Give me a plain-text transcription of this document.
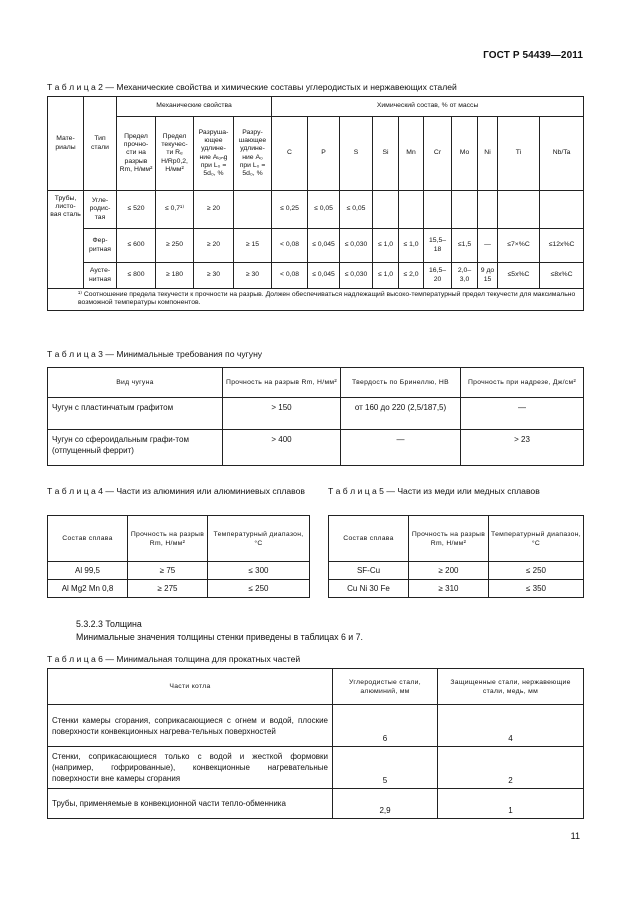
ГОСТ Р 54439—2011
Т а б л и ц а 2 — Механические свойства и химические составы углеродистых и нержавеющих сталей
Мате-риалы	Тип стали	Механические свойства				Химический состав, % от массы									
		Предел прочно-сти на разрыв Rm, Н/мм²	Предел текучес-ти Rₑ H/Rp0,2, Н/мм²	Разруша-ющее удлине-ние Aₗₒₙg при L₀ = 5d₀, %	Разру-шающее удлине-ние A₀ при L₀ = 5d₀, %	C	P	S	Si	Mn	Cr	Mo	Ni	Ti	Nb/Ta
Трубы, листо-вая сталь	Угле-родис-тая	≤ 520	≤ 0,7¹⁾	≥ 20		≤ 0,25	≤ 0,05	≤ 0,05							
	Фер-ритная	≤ 600	≥ 250	≥ 20	≥ 15	< 0,08	≤ 0,045	≤ 0,030	≤ 1,0	≤ 1,0	15,5–18	≤1,5	—	≤7×%C	≤12х%C
	Аусте-нитная	≤ 800	≥ 180	≥ 30	≥ 30	< 0,08	≤ 0,045	≤ 0,030	≤ 1,0	≤ 2,0	16,5–20	2,0–3,0	9 до 15	≤5х%C	≤8х%C
¹⁾ Соотношение предела текучести к прочности на разрыв. Должен обеспечиваться надлежащий высоко-температурный предел текучести для максимально возможной температуры компонентов.															
Т а б л и ц а 3 — Минимальные требования по чугуну
Вид чугуна	Прочность на разрыв Rm, Н/мм²	Твердость по Бринеллю, HB	Прочность при надрезе, Дж/см²
Чугун с пластинчатым графитом	> 150	от 160 до 220 (2,5/187,5)	—
Чугун со сфероидальным графи-том (отпущенный феррит)	> 400	—	> 23
Т а б л и ц а 4 — Части из алюминия или алюминиевых сплавов
Состав сплава	Прочность на разрыв Rm, Н/мм²	Температурный диапазон, °C
Al 99,5	≥ 75	≤ 300
Al Mg2 Mn 0,8	≥ 275	≤ 250
Т а б л и ц а 5 — Части из меди или медных сплавов
Состав сплава	Прочность на разрыв Rm, Н/мм²	Температурный диапазон, °C
SF-Cu	≥ 200	≤ 250
Cu Ni 30 Fe	≥ 310	≤ 350
5.3.2.3 Толщина
Минимальные значения толщины стенки приведены в таблицах 6 и 7.
Т а б л и ц а 6 — Минимальная толщина для прокатных частей
Части котла	Углеродистые стали, алюминий, мм	Защищенные стали, нержавеющие стали, медь, мм
Стенки камеры сгорания, соприкасающиеся с огнем и водой, плоские поверхности конвекционных нагрева-тельных поверхностей	6	4
Стенки, соприкасающиеся только с водой и жесткой формовки (например, гофрированные), конвекционные нагревательные поверхности вне камеры сгорания	5	2
Трубы, применяемые в конвекционной части тепло-обменника	2,9	1
11
